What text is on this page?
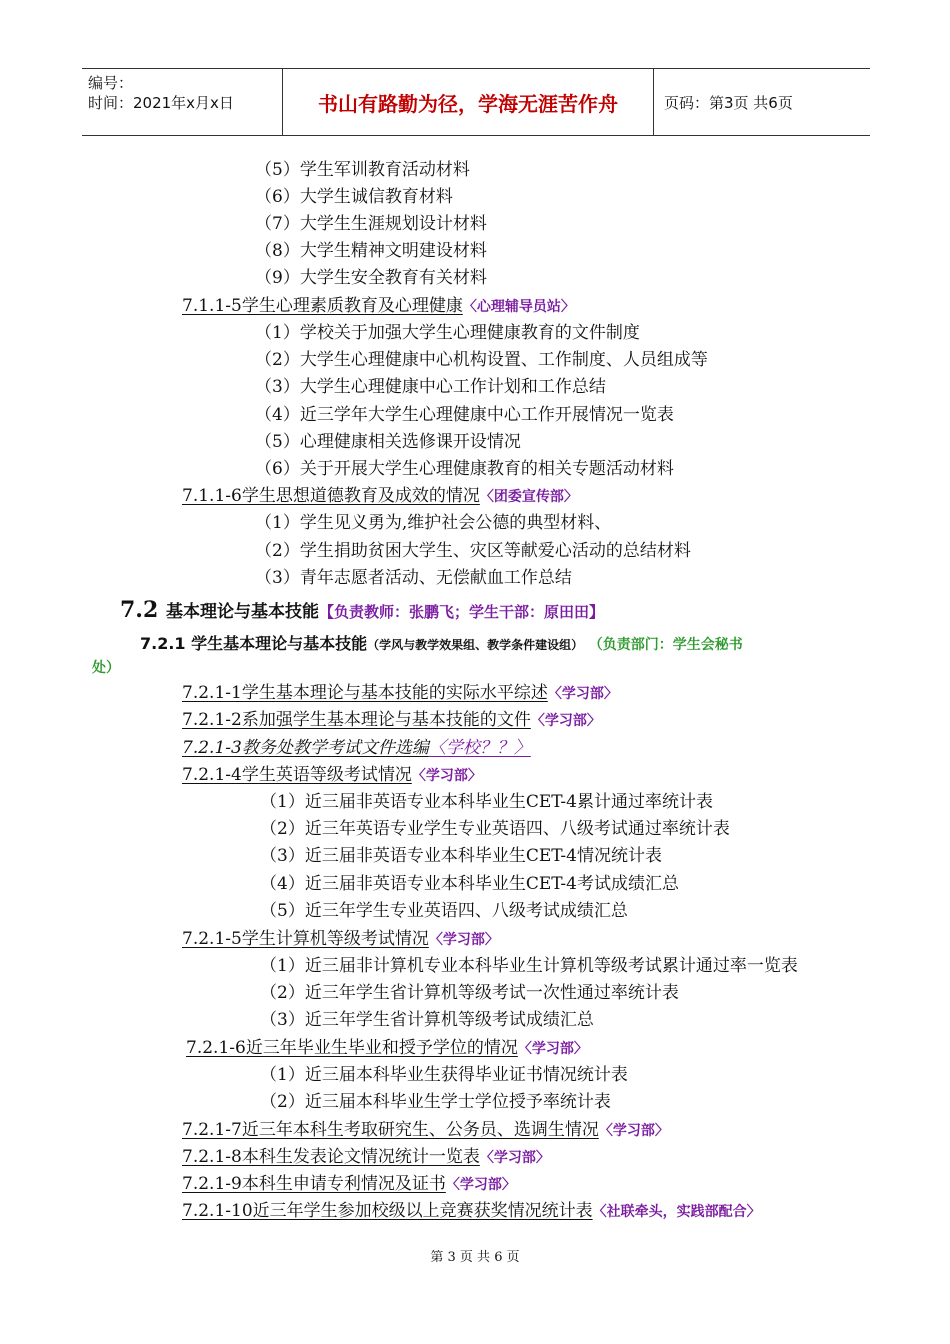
编号：
时间：2021年x月x日	书山有路勤为径，学海无涯苦作舟	页码：第3页 共6页
（5）学生军训教育活动材料
（6）大学生诚信教育材料
（7）大学生生涯规划设计材料
（8）大学生精神文明建设材料
（9）大学生安全教育有关材料
7.1.1-5学生心理素质教育及心理健康〈心理辅导员站〉
（1）学校关于加强大学生心理健康教育的文件制度
（2）大学生心理健康中心机构设置、工作制度、人员组成等
（3）大学生心理健康中心工作计划和工作总结
（4）近三学年大学生心理健康中心工作开展情况一览表
（5）心理健康相关选修课开设情况
（6）关于开展大学生心理健康教育的相关专题活动材料
7.1.1-6学生思想道德教育及成效的情况〈团委宣传部〉
（1）学生见义勇为,维护社会公德的典型材料、
（2）学生捐助贫困大学生、灾区等献爱心活动的总结材料
（3）青年志愿者活动、无偿献血工作总结
7.2 基本理论与基本技能【负责教师：张鹏飞；学生干部：原田田】
7.2.1 学生基本理论与基本技能（学风与教学效果组、教学条件建设组） （负责部门：学生会秘书
处）
7.2.1-1学生基本理论与基本技能的实际水平综述〈学习部〉
7.2.1-2系加强学生基本理论与基本技能的文件〈学习部〉
7.2.1-3教务处教学考试文件选编〈学校？？〉
7.2.1-4学生英语等级考试情况〈学习部〉
（1）近三届非英语专业本科毕业生CET-4累计通过率统计表
（2）近三年英语专业学生专业英语四、八级考试通过率统计表
（3）近三届非英语专业本科毕业生CET-4情况统计表
（4）近三届非英语专业本科毕业生CET-4考试成绩汇总
（5）近三年学生专业英语四、八级考试成绩汇总
7.2.1-5学生计算机等级考试情况〈学习部〉
（1）近三届非计算机专业本科毕业生计算机等级考试累计通过率一览表
（2）近三年学生省计算机等级考试一次性通过率统计表
（3）近三年学生省计算机等级考试成绩汇总
7.2.1-6近三年毕业生毕业和授予学位的情况〈学习部〉
（1）近三届本科毕业生获得毕业证书情况统计表
（2）近三届本科毕业生学士学位授予率统计表
7.2.1-7近三年本科生考取研究生、公务员、选调生情况〈学习部〉
7.2.1-8本科生发表论文情况统计一览表〈学习部〉
7.2.1-9本科生申请专利情况及证书〈学习部〉
7.2.1-10近三年学生参加校级以上竞赛获奖情况统计表〈社联牵头，实践部配合〉
第 3 页 共 6 页
